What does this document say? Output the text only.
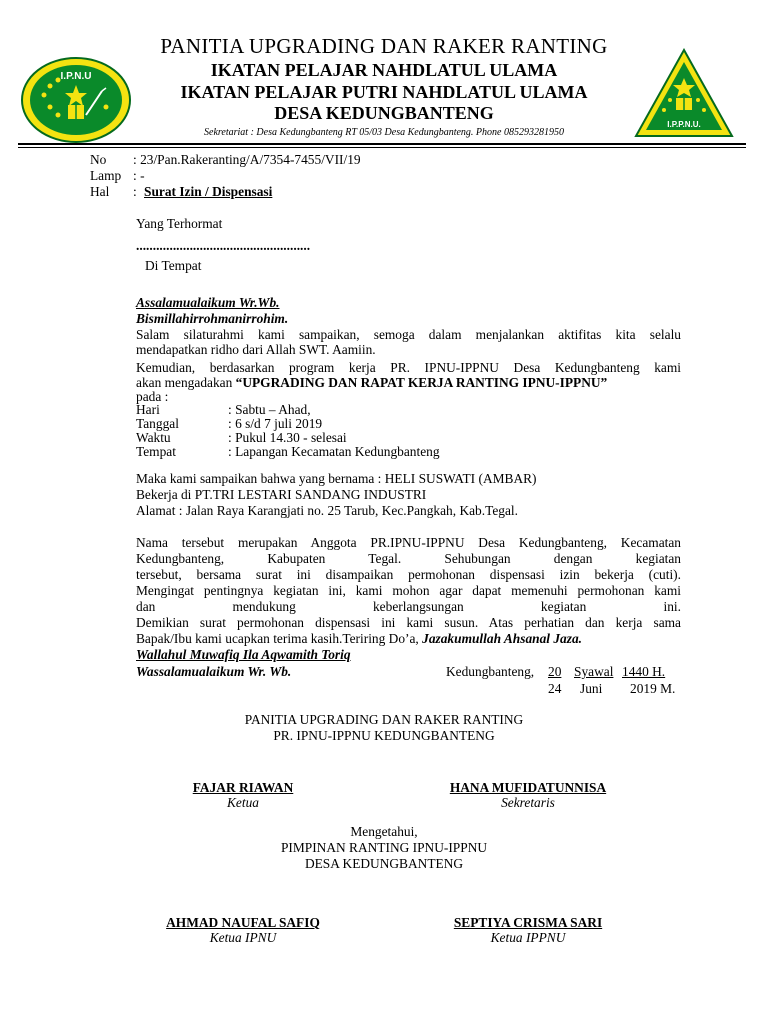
I.P.N.U
I.P.P.N.U.
PANITIA UPGRADING DAN RAKER RANTING
IKATAN PELAJAR NAHDLATUL ULAMA
IKATAN PELAJAR PUTRI NAHDLATUL ULAMA
DESA KEDUNGBANTENG
Sekretariat : Desa Kedungbanteng RT 05/03 Desa Kedungbanteng. Phone 085293281950
No : 23/Pan.Rakeranting/A/7354-7455/VII/19
Lamp : -
Hal : Surat Izin / Dispensasi
Yang Terhormat
....................................................
Di Tempat
Assalamualaikum Wr.Wb.
Bismillahirrohmanirrohim.
Salam silaturahmi kami sampaikan, semoga dalam menjalankan aktifitas kita selalu
mendapatkan ridho dari Allah SWT. Aamiin.
Kemudian, berdasarkan program kerja PR. IPNU-IPPNU Desa Kedungbanteng kami
akan mengadakan “UPGRADING DAN RAPAT KERJA RANTING IPNU-IPPNU”
pada :
Hari	: Sabtu – Ahad,
Tanggal	: 6 s/d 7 juli 2019
Waktu	: Pukul 14.30 - selesai
Tempat	: Lapangan Kecamatan Kedungbanteng
Maka kami sampaikan bahwa yang bernama : HELI SUSWATI (AMBAR)
Bekerja di PT.TRI LESTARI SANDANG INDUSTRI
Alamat : Jalan Raya Karangjati no. 25 Tarub, Kec.Pangkah, Kab.Tegal.
Nama tersebut merupakan Anggota PR.IPNU-IPPNU Desa Kedungbanteng, Kecamatan
Kedungbanteng, Kabupaten Tegal. Sehubungan dengan kegiatan
tersebut, bersama surat ini disampaikan permohonan dispensasi izin bekerja (cuti).
Mengingat pentingnya kegiatan ini, kami mohon agar dapat memenuhi permohonan kami
dan mendukung keberlangsungan kegiatan ini.
Demikian surat permohonan dispensasi ini kami susun. Atas perhatian dan kerja sama
Bapak/Ibu kami ucapkan terima kasih.Teriring Do’a, Jazakumullah Ahsanal Jaza.
Wallahul Muwafiq Ila Aqwamith Toriq
Wassalamualaikum Wr. Wb.	Kedungbanteng, 20 Syawal 1440 H.
24 Juni 2019 M.
PANITIA UPGRADING DAN RAKER RANTING
PR. IPNU-IPPNU KEDUNGBANTENG
FAJAR RIAWAN
Ketua
HANA MUFIDATUNNISA
Sekretaris
Mengetahui,
PIMPINAN RANTING IPNU-IPPNU
DESA KEDUNGBANTENG
AHMAD NAUFAL SAFIQ
Ketua IPNU
SEPTIYA CRISMA SARI
Ketua IPPNU
